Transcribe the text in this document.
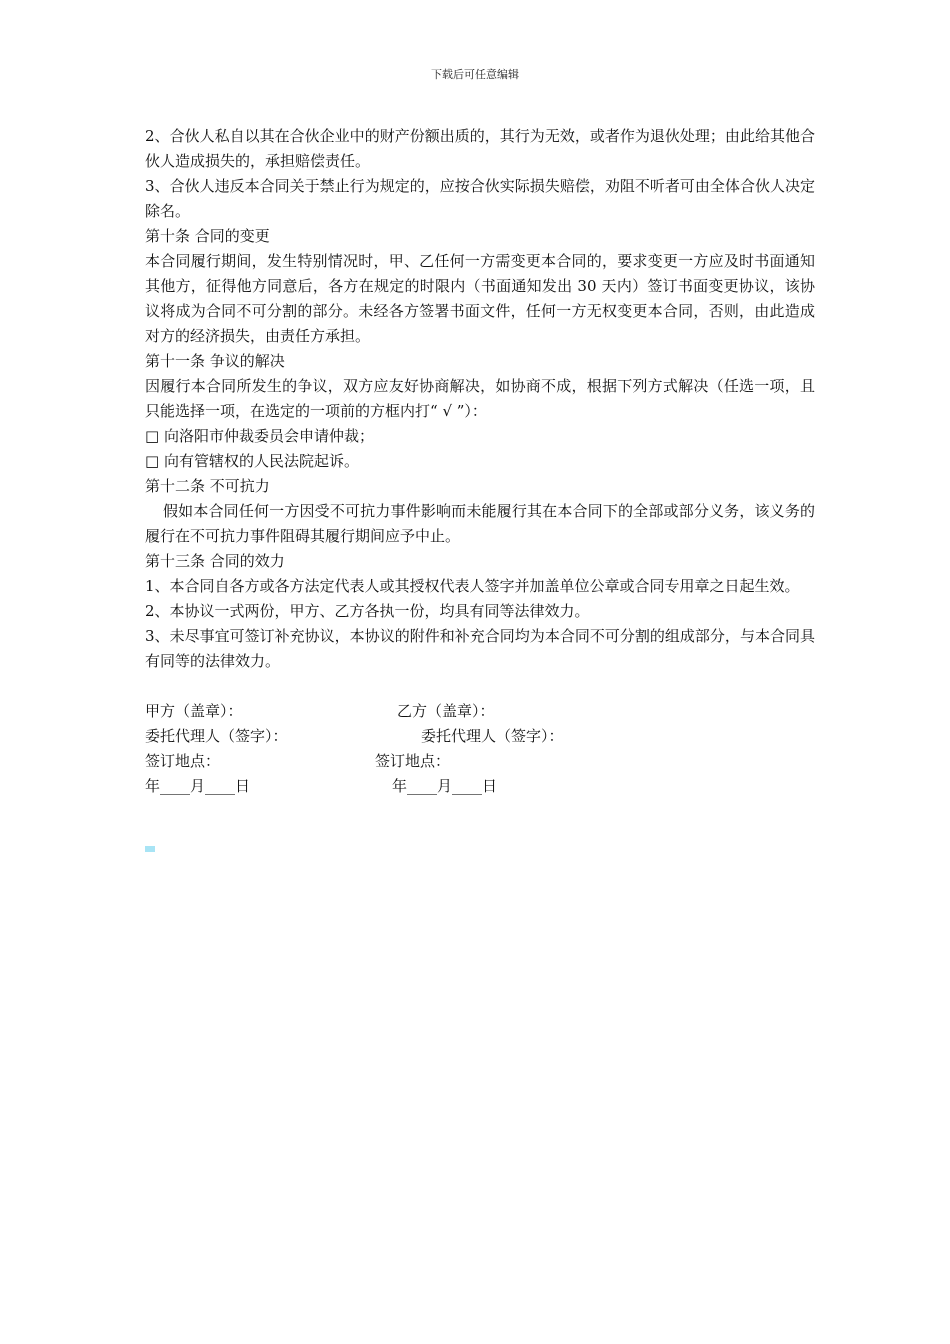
下载后可任意编辑

2、合伙人私自以其在合伙企业中的财产份额出质的，其行为无效，或者作为退伙处理；由此给其他合伙人造成损失的，承担赔偿责任。

3、合伙人违反本合同关于禁止行为规定的，应按合伙实际损失赔偿，劝阻不听者可由全体合伙人决定除名。

第十条 合同的变更

本合同履行期间，发生特别情况时，甲、乙任何一方需变更本合同的，要求变更一方应及时书面通知其他方，征得他方同意后，各方在规定的时限内（书面通知发出 30 天内）签订书面变更协议，该协议将成为合同不可分割的部分。未经各方签署书面文件，任何一方无权变更本合同，否则，由此造成对方的经济损失，由责任方承担。

第十一条 争议的解决

因履行本合同所发生的争议，双方应友好协商解决，如协商不成，根据下列方式解决（任选一项，且只能选择一项，在选定的一项前的方框内打“ √ ”）：

□ 向洛阳市仲裁委员会申请仲裁；

□ 向有管辖权的人民法院起诉。

第十二条 不可抗力

假如本合同任何一方因受不可抗力事件影响而未能履行其在本合同下的全部或部分义务，该义务的履行在不可抗力事件阻碍其履行期间应予中止。

第十三条 合同的效力

1、本合同自各方或各方法定代表人或其授权代表人签字并加盖单位公章或合同专用章之日起生效。

2、本协议一式两份，甲方、乙方各执一份，均具有同等法律效力。

3、未尽事宜可签订补充协议，本协议的附件和补充合同均为本合同不可分割的组成部分，与本合同具有同等的法律效力。

甲方（盖章）：	乙方（盖章）：
委托代理人（签字）：	委托代理人（签字）：
签订地点：	签订地点：
年____月____日	年____月____日
